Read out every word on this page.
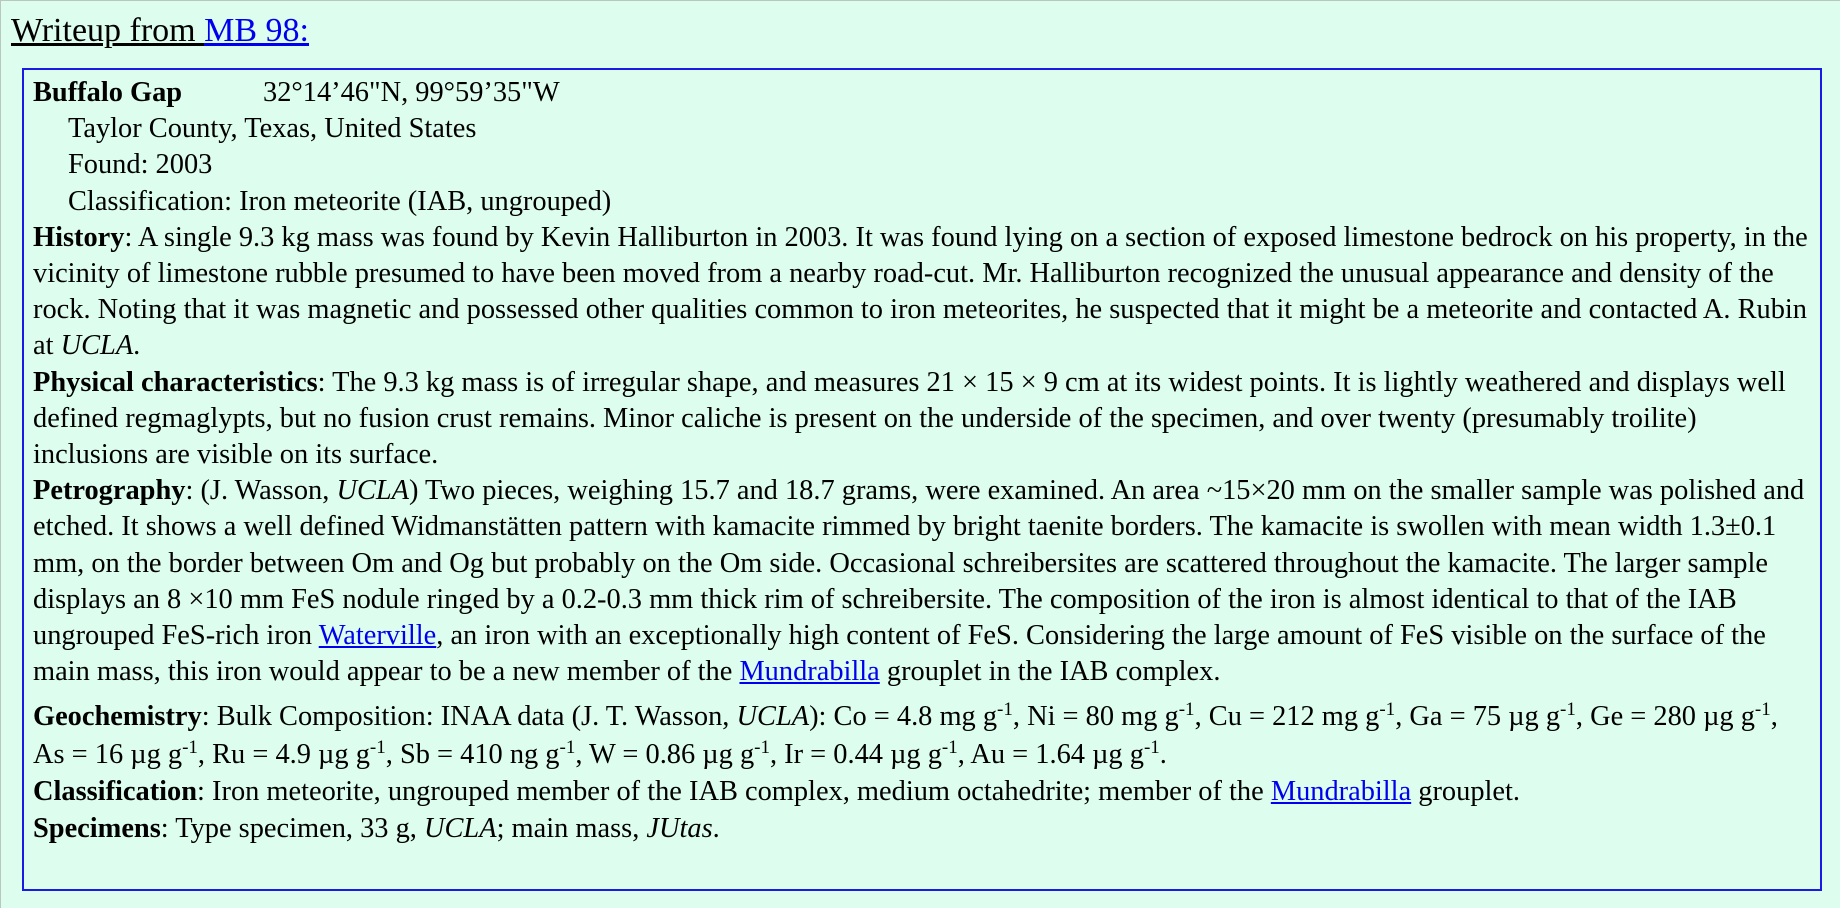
Writeup from MB 98:

Buffalo Gap	32°14’46"N, 99°59’35"W

Taylor County, Texas, United States

Found: 2003

Classification: Iron meteorite (IAB, ungrouped)

History: A single 9.3 kg mass was found by Kevin Halliburton in 2003. It was found lying on a section of exposed limestone bedrock on his property, in the vicinity of limestone rubble presumed to have been moved from a nearby road-cut. Mr. Halliburton recognized the unusual appearance and density of the rock. Noting that it was magnetic and possessed other qualities common to iron meteorites, he suspected that it might be a meteorite and contacted A. Rubin at UCLA.

Physical characteristics: The 9.3 kg mass is of irregular shape, and measures 21 × 15 × 9 cm at its widest points. It is lightly weathered and displays well defined regmaglypts, but no fusion crust remains. Minor caliche is present on the underside of the specimen, and over twenty (presumably troilite) inclusions are visible on its surface.

Petrography: (J. Wasson, UCLA) Two pieces, weighing 15.7 and 18.7 grams, were examined. An area ~15×20 mm on the smaller sample was polished and etched. It shows a well defined Widmanstätten pattern with kamacite rimmed by bright taenite borders. The kamacite is swollen with mean width 1.3±0.1 mm, on the border between Om and Og but probably on the Om side. Occasional schreibersites are scattered throughout the kamacite. The larger sample displays an 8 ×10 mm FeS nodule ringed by a 0.2-0.3 mm thick rim of schreibersite. The composition of the iron is almost identical to that of the IAB ungrouped FeS-rich iron Waterville, an iron with an exceptionally high content of FeS. Considering the large amount of FeS visible on the surface of the main mass, this iron would appear to be a new member of the Mundrabilla grouplet in the IAB complex.

Geochemistry: Bulk Composition: INAA data (J. T. Wasson, UCLA): Co = 4.8 mg $g^{-1}$, Ni = 80 mg $g^{-1}$, Cu = 212 mg $g^{-1}$, Ga = 75 µg $g^{-1}$, Ge = 280 µg $g^{-1}$, As = 16 µg $g^{-1}$, Ru = 4.9 µg $g^{-1}$, Sb = 410 ng $g^{-1}$, W = 0.86 µg $g^{-1}$, Ir = 0.44 µg $g^{-1}$, Au = 1.64 µg $g^{-1}$.

Classification: Iron meteorite, ungrouped member of the IAB complex, medium octahedrite; member of the Mundrabilla grouplet.

Specimens: Type specimen, 33 g, UCLA; main mass, JUtas.
